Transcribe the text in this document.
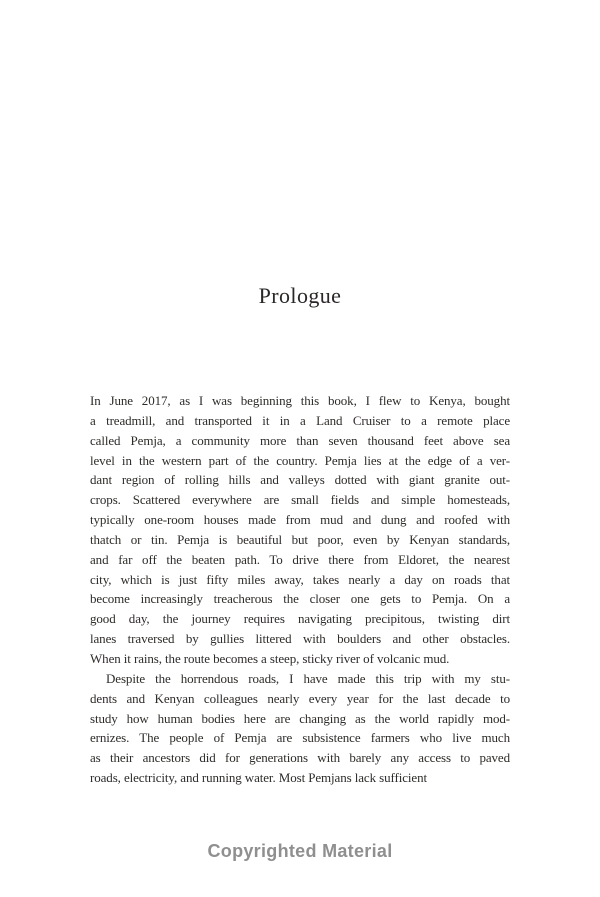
Prologue
In June 2017, as I was beginning this book, I flew to Kenya, bought
a treadmill, and transported it in a Land Cruiser to a remote place
called Pemja, a community more than seven thousand feet above sea
level in the western part of the country. Pemja lies at the edge of a ver-
dant region of rolling hills and valleys dotted with giant granite out-
crops. Scattered everywhere are small fields and simple homesteads,
typically one-room houses made from mud and dung and roofed with
thatch or tin. Pemja is beautiful but poor, even by Kenyan standards,
and far off the beaten path. To drive there from Eldoret, the nearest
city, which is just fifty miles away, takes nearly a day on roads that
become increasingly treacherous the closer one gets to Pemja. On a
good day, the journey requires navigating precipitous, twisting dirt
lanes traversed by gullies littered with boulders and other obstacles.
When it rains, the route becomes a steep, sticky river of volcanic mud.
Despite the horrendous roads, I have made this trip with my stu-
dents and Kenyan colleagues nearly every year for the last decade to
study how human bodies here are changing as the world rapidly mod-
ernizes. The people of Pemja are subsistence farmers who live much
as their ancestors did for generations with barely any access to paved
roads, electricity, and running water. Most Pemjans lack sufficient
Copyrighted Material
